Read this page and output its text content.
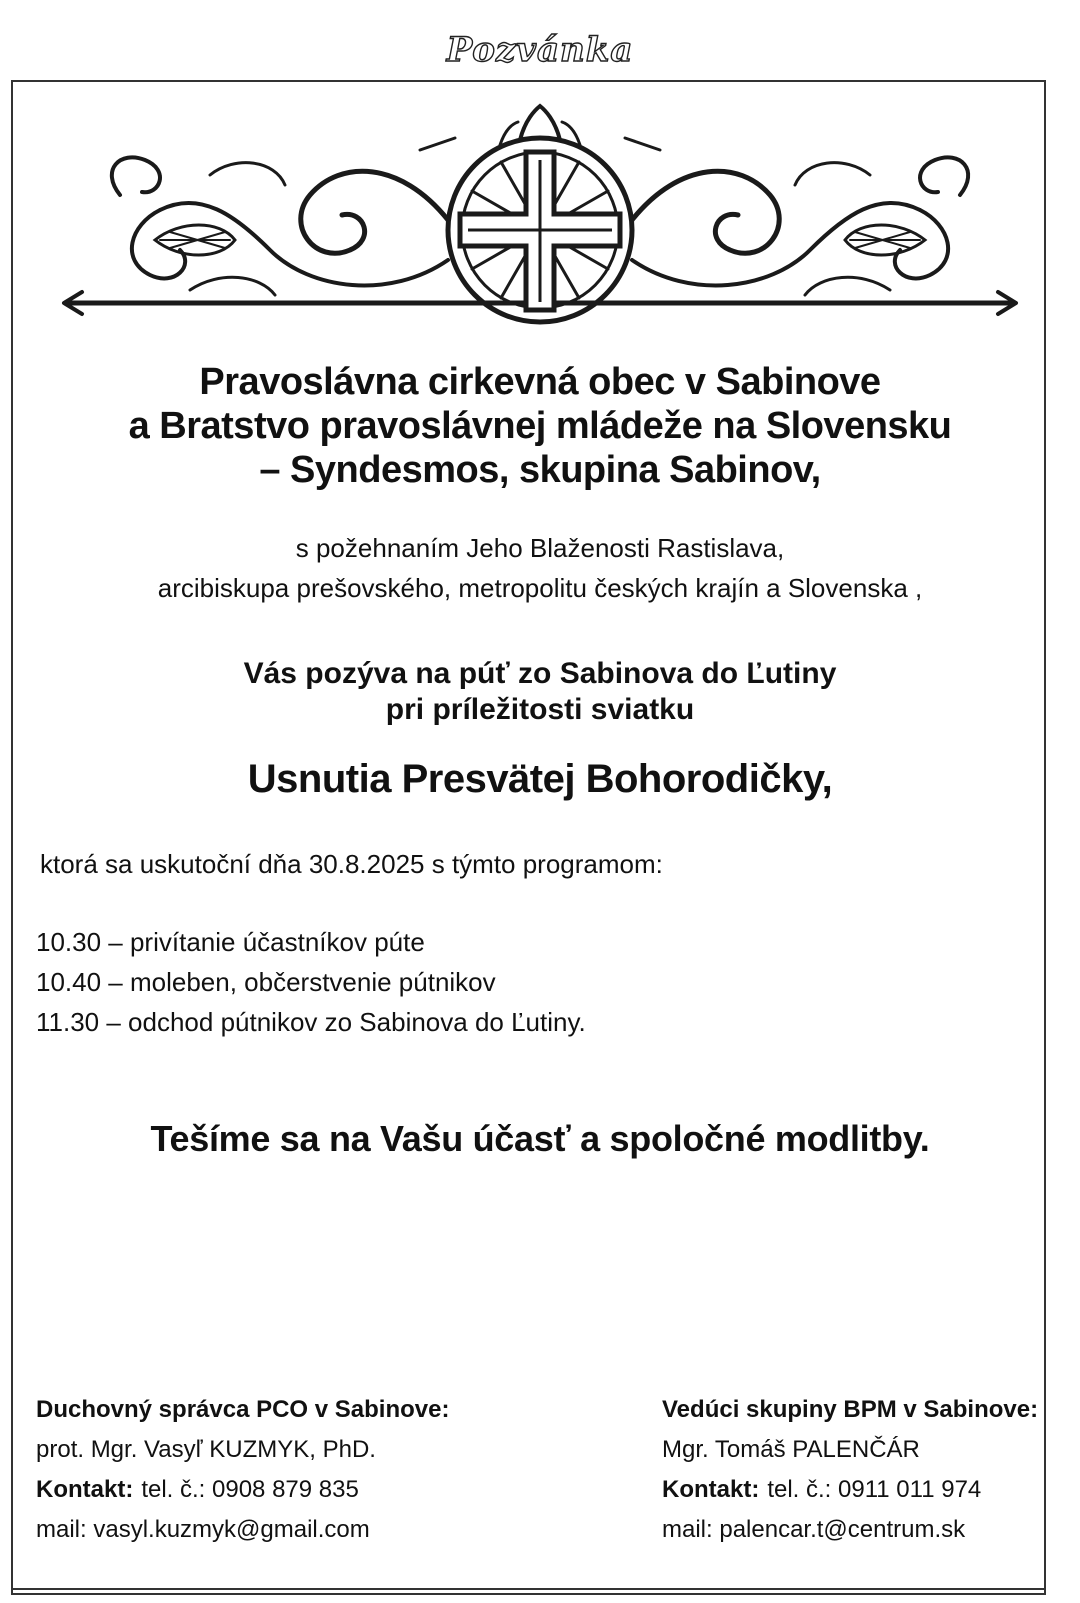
Pozvánka
Pravoslávna cirkevná obec v Sabinove
a Bratstvo pravoslávnej mládeže na Slovensku
– Syndesmos, skupina Sabinov,
s požehnaním Jeho Blaženosti Rastislava,
arcibiskupa prešovského, metropolitu českých krajín a Slovenska ,
Vás pozýva na púť zo Sabinova do Ľutiny
pri príležitosti sviatku
Usnutia Presvätej Bohorodičky,
ktorá sa uskutoční dňa 30.8.2025 s týmto programom:
10.30 – privítanie účastníkov púte
10.40 – moleben, občerstvenie pútnikov
11.30 – odchod pútnikov zo Sabinova do Ľutiny.
Tešíme sa na Vašu účasť a spoločné modlitby.
Duchovný správca PCO v Sabinove:
prot. Mgr. Vasyľ KUZMYK, PhD.
Kontakt: tel. č.: 0908 879 835
mail: vasyl.kuzmyk@gmail.com
Vedúci skupiny BPM v Sabinove:
Mgr. Tomáš PALENČÁR
Kontakt: tel. č.: 0911 011 974
mail: palencar.t@centrum.sk
